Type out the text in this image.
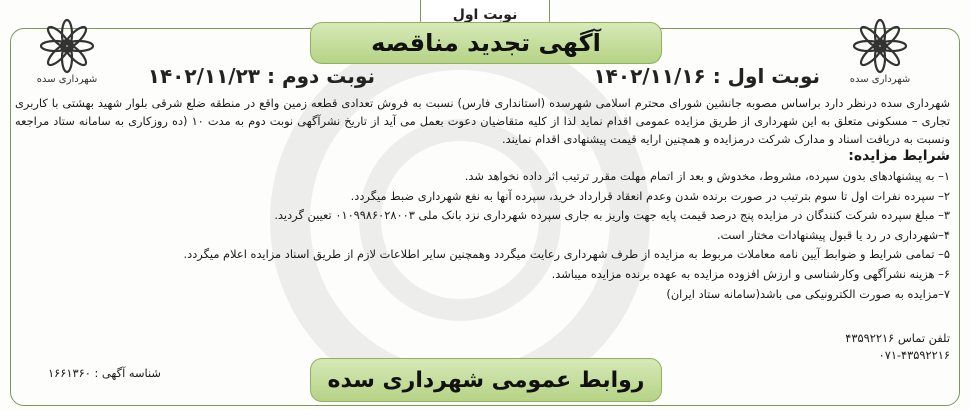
نوبت اول
آگهی تجدید مناقصه
شهرداری سده
شهرداری سده	نوبت اول : ۱۴۰۲/۱۱/۱۶
نوبت دوم : ۱۴۰۲/۱۱/۲۳
شهرداری سده درنظر دارد براساس مصوبه جانشین شورای محترم اسلامی شهرسده (استانداری فارس) نسبت به فروش تعدادی قطعه زمین واقع در منطقه ضلع شرقی بلوار شهید بهشتی با کاربری تجاری – مسکونی متعلق به این شهرداری از طریق مزایده عمومی اقدام نماید لذا از کلیه متقاضیان دعوت بعمل می آید از تاریخ نشرآگهی نوبت دوم به مدت ۱۰ (ده روزکاری به سامانه ستاد مراجعه ونسبت به دریافت اسناد و مدارک شرکت درمزایده و همچنین ارایه قیمت پیشنهادی اقدام نمایند.
شرایط مزایده:
۱– به پیشنهادهای بدون سپرده، مشروط، مخدوش و بعد از اتمام مهلت مقرر ترتیب اثر داده نخواهد شد.
۲– سپرده نفرات اول تا سوم بترتیب در صورت برنده شدن وعدم انعقاد قرارداد خرید، سپرده آنها به نفع شهرداری ضبط میگردد.
۳– مبلغ سپرده شرکت کنندگان در مزایده پنج درصد قیمت پایه جهت واریز به جاری سپرده شهرداری نزد بانک ملی ۰۱۰۹۹۸۶۰۲۸۰۰۳ تعیین گردید.
۴–شهرداری در رد یا قبول پیشنهادات مختار است.
۵– تمامی شرایط و ضوابط آیین نامه معاملات مربوط به مزایده از طرف شهرداری رعایت میگردد وهمچنین سایر اطلاعات لازم از طریق اسناد مزایده اعلام میگردد.
۶– هزینه نشرآگهی وکارشناسی و ارزش افزوده مزایده به عهده برنده مزایده میباشد.
۷–مزایده به صورت الکترونیکی می باشد(سامانه ستاد ایران)
تلفن تماس ۴۳۵۹۲۲۱۶
۰۷۱-۴۳۵۹۲۲۱۶
شناسه آگهی : ۱۶۶۱۳۶۰	روابط عمومی شهرداری سده
